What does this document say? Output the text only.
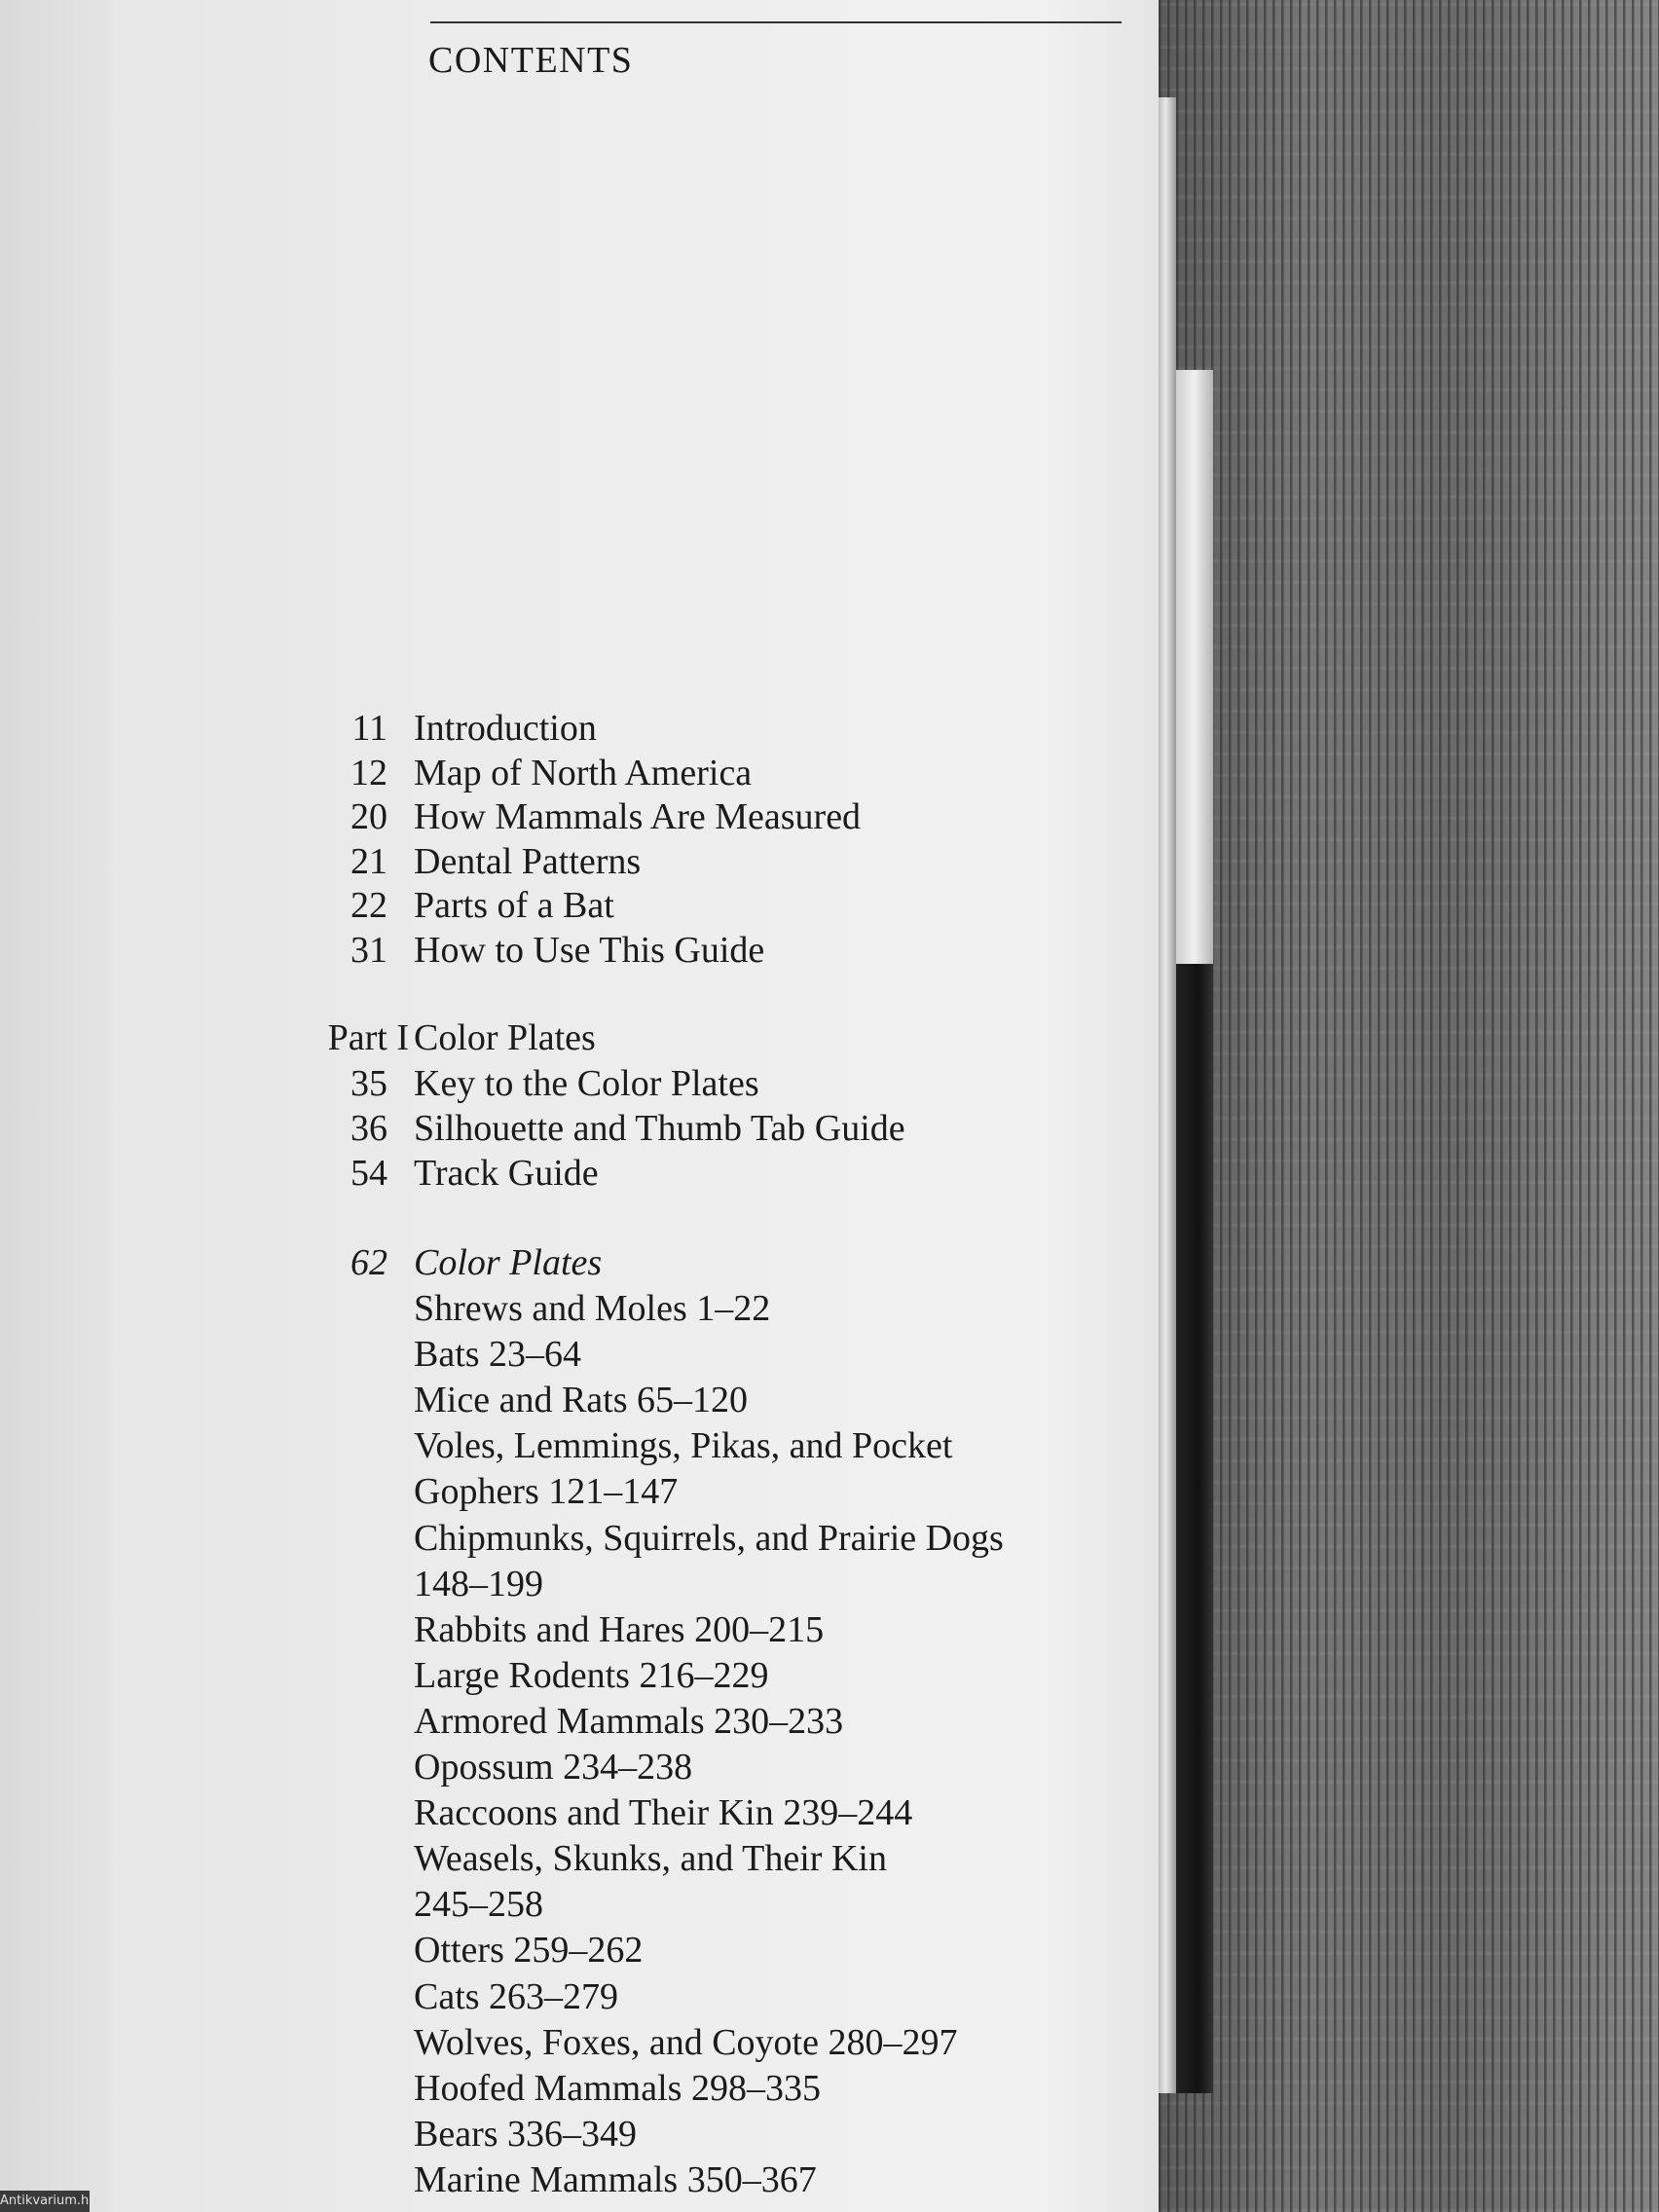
CONTENTS
11 Introduction
12 Map of North America
20 How Mammals Are Measured
21 Dental Patterns
22 Parts of a Bat
31 How to Use This Guide
Part I Color Plates
35 Key to the Color Plates
36 Silhouette and Thumb Tab Guide
54 Track Guide
62 Color Plates
Shrews and Moles 1–22
Bats 23–64
Mice and Rats 65–120
Voles, Lemmings, Pikas, and Pocket
Gophers 121–147
Chipmunks, Squirrels, and Prairie Dogs
148–199
Rabbits and Hares 200–215
Large Rodents 216–229
Armored Mammals 230–233
Opossum 234–238
Raccoons and Their Kin 239–244
Weasels, Skunks, and Their Kin
245–258
Otters 259–262
Cats 263–279
Wolves, Foxes, and Coyote 280–297
Hoofed Mammals 298–335
Bears 336–349
Marine Mammals 350–367
Antikvarium.hu
